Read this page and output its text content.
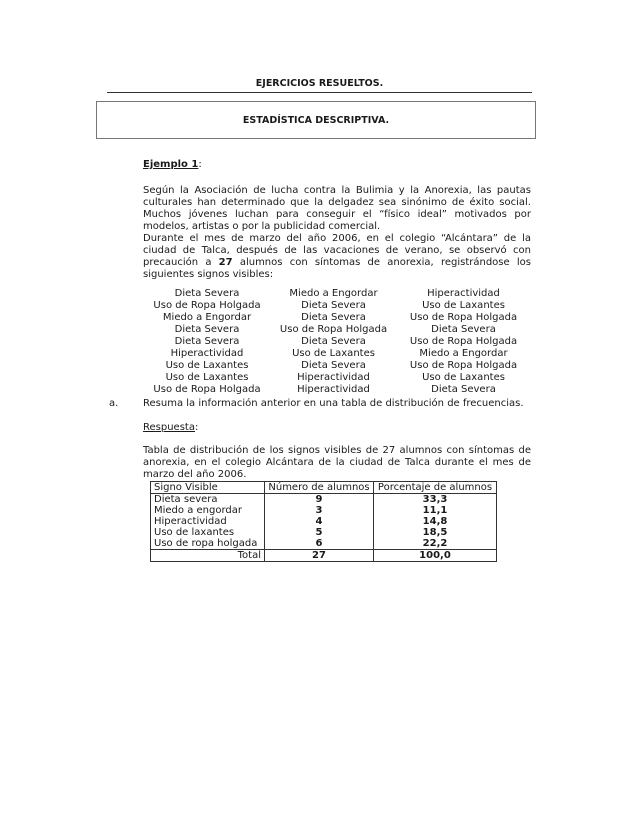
EJERCICIOS RESUELTOS.
ESTADÍSTICA DESCRIPTIVA.

Ejemplo 1:

Según la Asociación de lucha contra la Bulimia y la Anorexia, las pautas culturales han determinado que la delgadez sea sinónimo de éxito social. Muchos jóvenes luchan para conseguir el “físico ideal” motivados por modelos, artistas o por la publicidad comercial.

Durante el mes de marzo del año 2006, en el colegio “Alcántara” de la ciudad de Talca, después de las vacaciones de verano, se observó con precaución a 27 alumnos con síntomas de anorexia, registrándose los siguientes signos visibles:

Dieta Severa	Miedo a Engordar	Hiperactividad
Uso de Ropa Holgada	Dieta Severa	Uso de Laxantes
Miedo a Engordar	Dieta Severa	Uso de Ropa Holgada
Dieta Severa	Uso de Ropa Holgada	Dieta Severa
Dieta Severa	Dieta Severa	Uso de Ropa Holgada
Hiperactividad	Uso de Laxantes	Miedo a Engordar
Uso de Laxantes	Dieta Severa	Uso de Ropa Holgada
Uso de Laxantes	Hiperactividad	Uso de Laxantes
Uso de Ropa Holgada	Hiperactividad	Dieta Severa
a. Resuma la información anterior en una tabla de distribución de frecuencias.

Respuesta:

Tabla de distribución de los signos visibles de 27 alumnos con síntomas de anorexia, en el colegio Alcántara de la ciudad de Talca durante el mes de marzo del año 2006.

Signo Visible	Número de alumnos	Porcentaje de alumnos
Dieta severa	9	33,3
Miedo a engordar	3	11,1
Hiperactividad	4	14,8
Uso de laxantes	5	18,5
Uso de ropa holgada	6	22,2
Total	27	100,0
